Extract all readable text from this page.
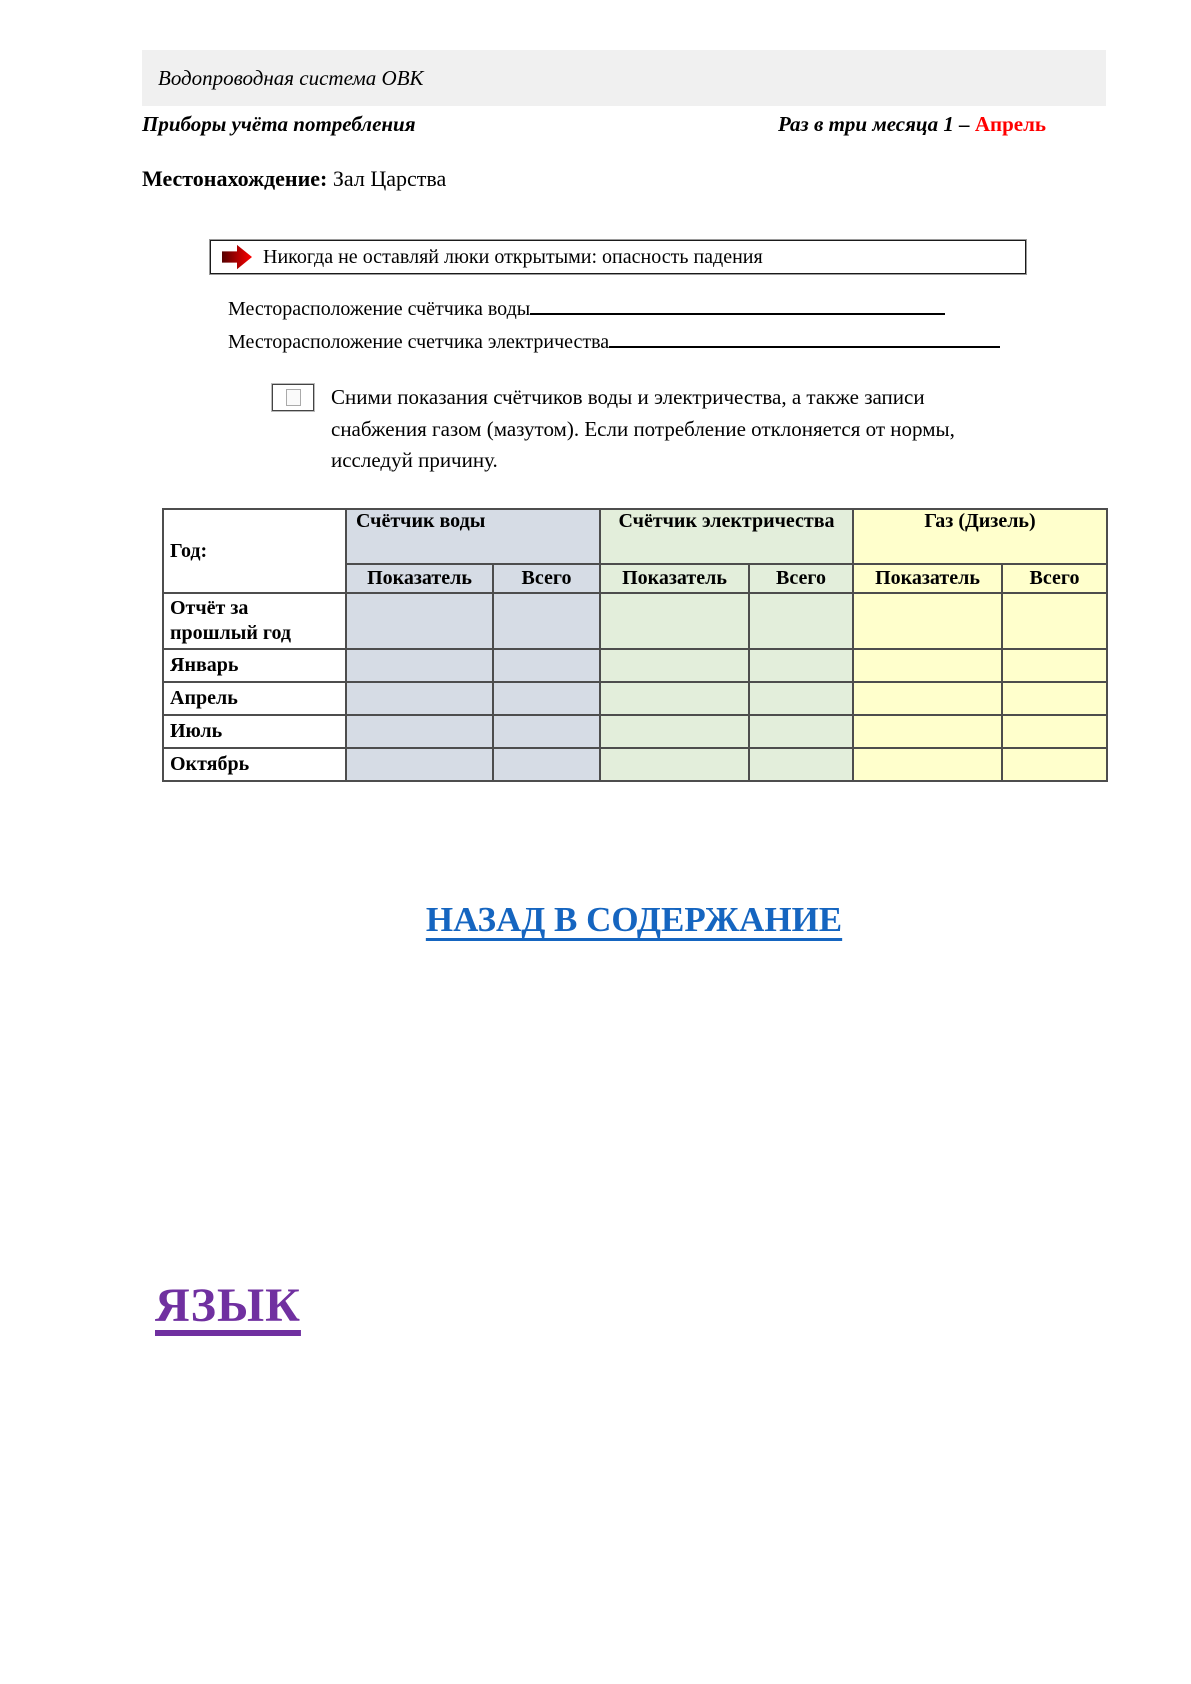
Водопроводная система ОВК
Приборы учёта потребления	Раз в три месяца 1 – Апрель
Местонахождение: Зал Царства
Никогда не оставляй люки открытыми: опасность падения
Месторасположение счётчика воды
Месторасположение счетчика электричества
Сними показания счётчиков воды и электричества, а также записи снабжения газом (мазутом). Если потребление отклоняется от нормы, исследуй причину.
Год:	Счётчик воды		Счётчик электричества		Газ (Дизель)	
	Показатель	Всего	Показатель	Всего	Показатель	Всего
Отчёт за прошлый год						
Январь						
Апрель						
Июль						
Октябрь						
НАЗАД В СОДЕРЖАНИЕ
ЯЗЫК
